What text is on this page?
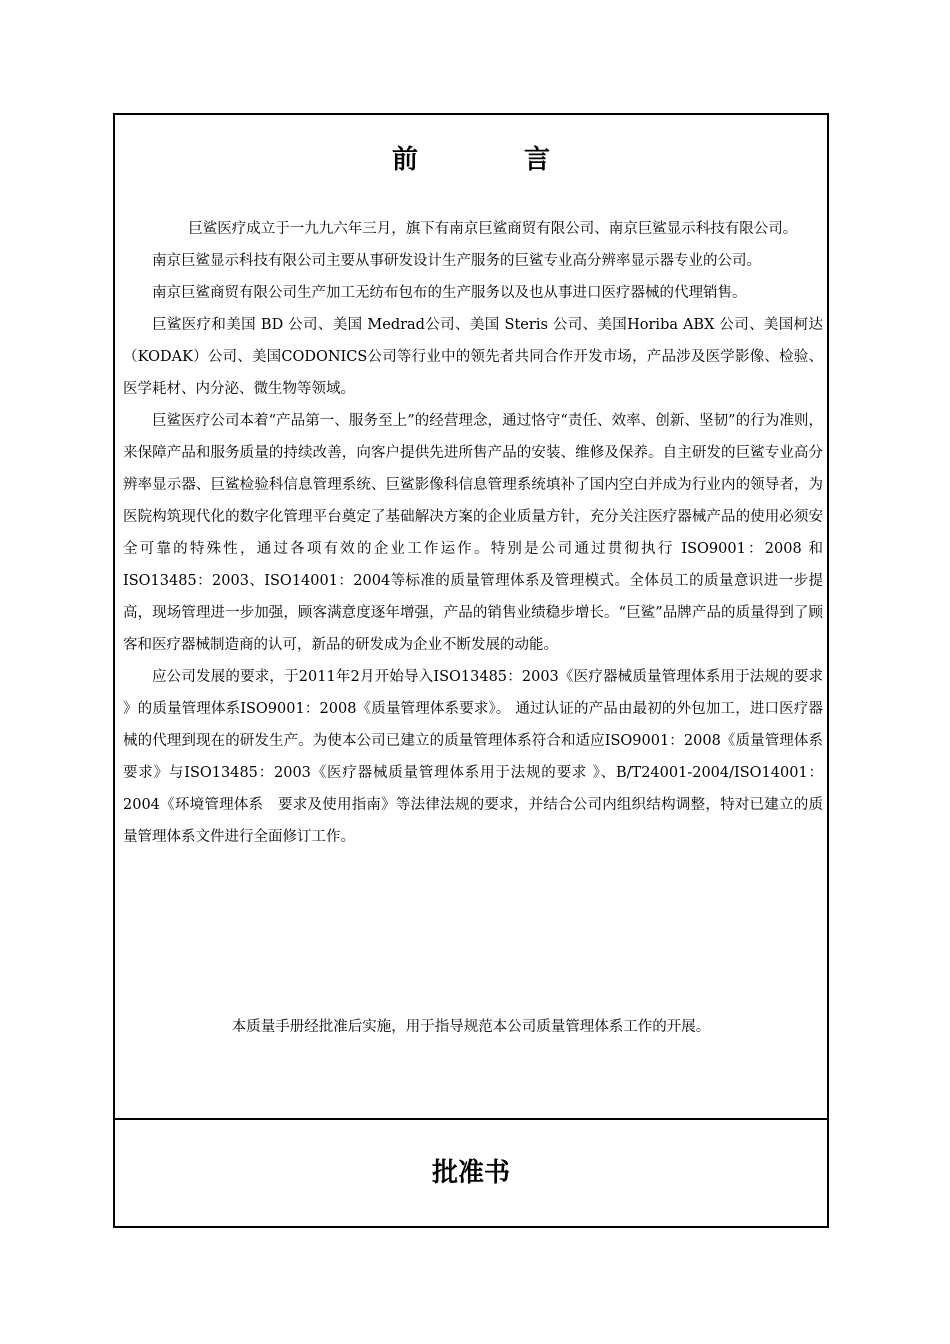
前　言

巨鲨医疗成立于一九九六年三月，旗下有南京巨鲨商贸有限公司、南京巨鲨显示科技有限公司。

南京巨鲨显示科技有限公司主要从事研发设计生产服务的巨鲨专业高分辨率显示器专业的公司。

南京巨鲨商贸有限公司生产加工无纺布包布的生产服务以及也从事进口医疗器械的代理销售。

巨鲨医疗和美国 BD 公司、美国 Medrad公司、美国 Steris 公司、美国Horiba ABX 公司、美国柯达（KODAK）公司、美国CODONICS公司等行业中的领先者共同合作开发市场，产品涉及医学影像、检验、医学耗材、内分泌、微生物等领域。

巨鲨医疗公司本着“产品第一、服务至上”的经营理念，通过恪守“责任、效率、创新、坚韧”的行为准则，来保障产品和服务质量的持续改善，向客户提供先进所售产品的安装、维修及保养。自主研发的巨鲨专业高分辨率显示器、巨鲨检验科信息管理系统、巨鲨影像科信息管理系统填补了国内空白并成为行业内的领导者，为医院构筑现代化的数字化管理平台奠定了基础解决方案的企业质量方针，充分关注医疗器械产品的使用必须安全可靠的特殊性，通过各项有效的企业工作运作。特别是公司通过贯彻执行 ISO9001：2008 和 ISO13485：2003、ISO14001：2004等标准的质量管理体系及管理模式。全体员工的质量意识进一步提高，现场管理进一步加强，顾客满意度逐年增强，产品的销售业绩稳步增长。“巨鲨”品牌产品的质量得到了顾客和医疗器械制造商的认可，新品的研发成为企业不断发展的动能。

应公司发展的要求，于2011年2月开始导入ISO13485：2003《医疗器械质量管理体系用于法规的要求 》的质量管理体系ISO9001：2008《质量管理体系要求》。 通过认证的产品由最初的外包加工，进口医疗器械的代理到现在的研发生产。为使本公司已建立的质量管理体系符合和适应ISO9001：2008《质量管理体系要求》与ISO13485：2003《医疗器械质量管理体系用于法规的要求 》、B/T24001-2004/ISO14001：2004《环境管理体系　要求及使用指南》等法律法规的要求，并结合公司内组织结构调整，特对已建立的质量管理体系文件进行全面修订工作。

本质量手册经批准后实施，用于指导规范本公司质量管理体系工作的开展。
批准书
